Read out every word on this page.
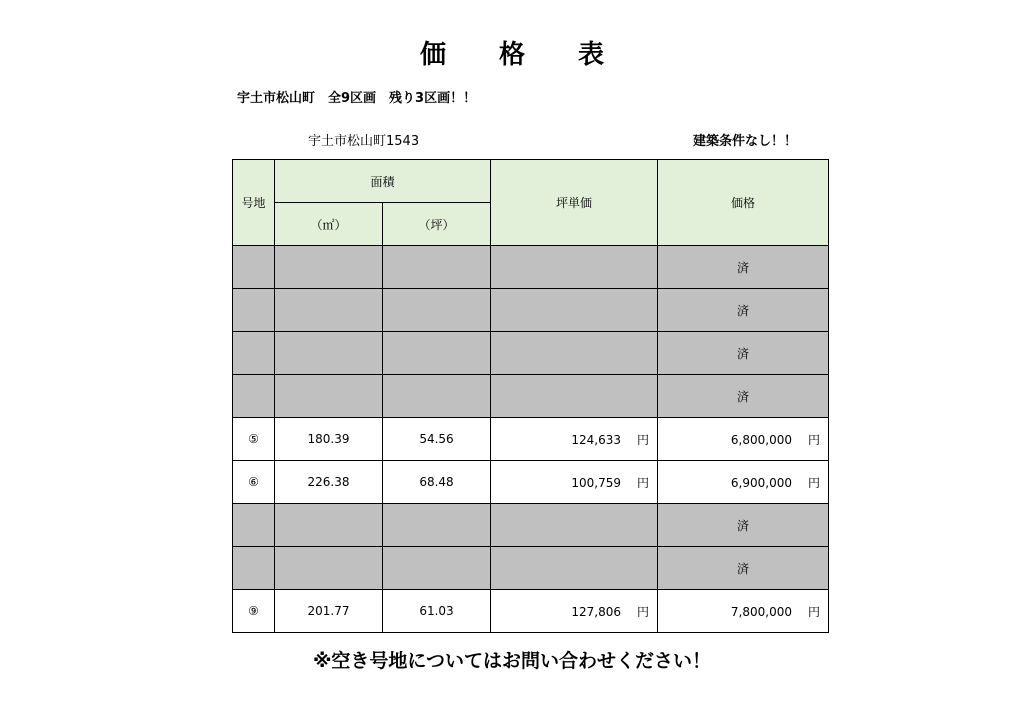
価 格 表
宇土市松山町　全9区画　残り3区画！！
宇土市松山町1543	建築条件なし！！
号地	面積		坪単価	価格
	（㎡）	（坪）		
				済
				済
				済
				済
⑤	180.39	54.56	124,633 円	6,800,000 円
⑥	226.38	68.48	100,759 円	6,900,000 円
				済
				済
⑨	201.77	61.03	127,806 円	7,800,000 円
※空き号地についてはお問い合わせください！
